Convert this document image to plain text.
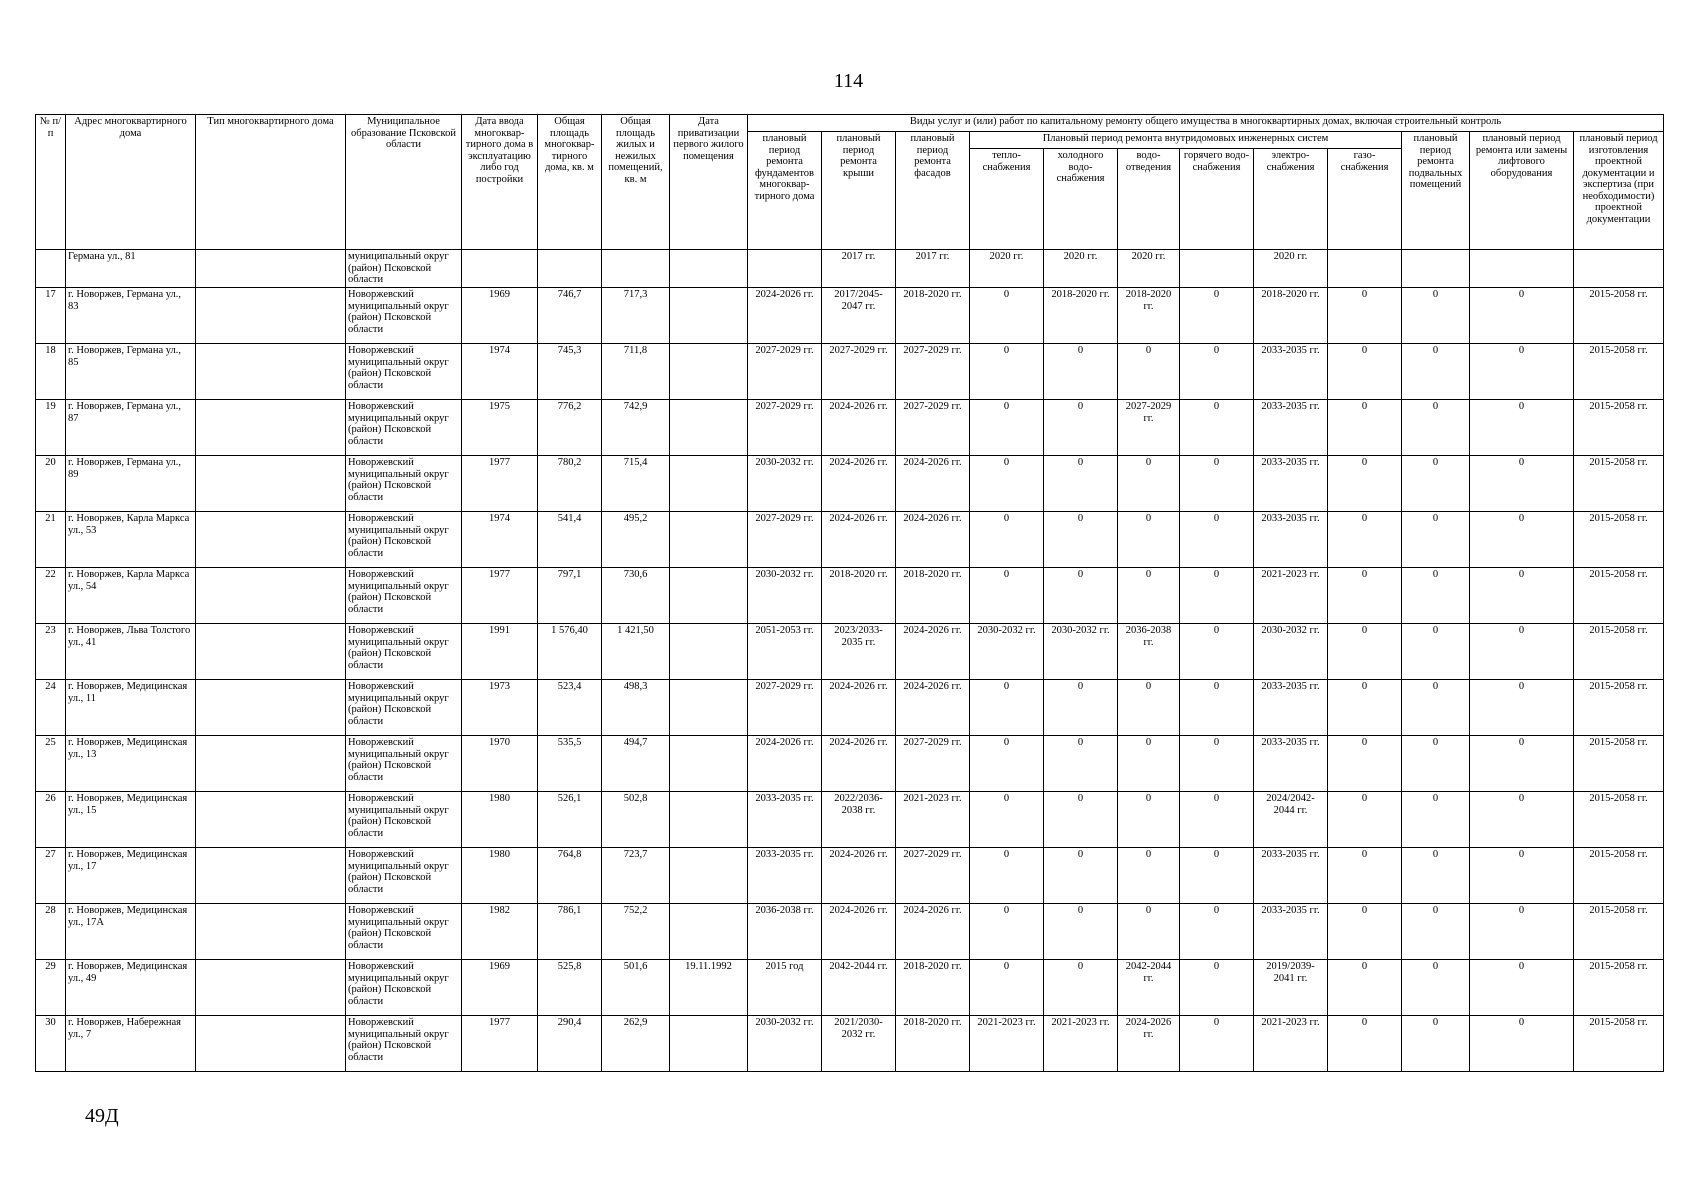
114
№ п/п	Адрес многоквартирного дома	Тип многоквартирного дома	Муниципальное образование Псковской области	Дата ввода многоквар-тирного дома в эксплуатацию либо год постройки	Общая площадь многоквар-тирного дома, кв. м	Общая площадь жилых и нежилых помещений, кв. м	Дата приватизации первого жилого помещения	Виды услуг и (или) работ по капитальному ремонту общего имущества в многоквартирных домах, включая строительный контроль											
								плановый период ремонта фундаментов многоквар-тирного дома	плановый период ремонта крыши	плановый период ремонта фасадов	Плановый период ремонта внутридомовых инженерных систем						плановый период ремонта подвальных помещений	плановый период ремонта или замены лифтового оборудования	плановый период изготовления проектной документации и экспертиза (при необходимости) проектной документации
											тепло-снабжения	холодного водо-снабжения	водо-отведения	горячего водо-снабжения	электро-снабжения	газо-снабжения			
	Германа ул., 81		муниципальный округ (район) Псковской области						2017 гг.	2017 гг.	2020 гг.	2020 гг.	2020 гг.		2020 гг.				
17	г. Новоржев, Германа ул., 83		Новоржевский муниципальный округ (район) Псковской области	1969	746,7	717,3		2024-2026 гг.	2017/2045-2047 гг.	2018-2020 гг.	0	2018-2020 гг.	2018-2020 гг.	0	2018-2020 гг.	0	0	0	2015-2058 гг.
18	г. Новоржев, Германа ул., 85		Новоржевский муниципальный округ (район) Псковской области	1974	745,3	711,8		2027-2029 гг.	2027-2029 гг.	2027-2029 гг.	0	0	0	0	2033-2035 гг.	0	0	0	2015-2058 гг.
19	г. Новоржев, Германа ул., 87		Новоржевский муниципальный округ (район) Псковской области	1975	776,2	742,9		2027-2029 гг.	2024-2026 гг.	2027-2029 гг.	0	0	2027-2029 гг.	0	2033-2035 гг.	0	0	0	2015-2058 гг.
20	г. Новоржев, Германа ул., 89		Новоржевский муниципальный округ (район) Псковской области	1977	780,2	715,4		2030-2032 гг.	2024-2026 гг.	2024-2026 гг.	0	0	0	0	2033-2035 гг.	0	0	0	2015-2058 гг.
21	г. Новоржев, Карла Маркса ул., 53		Новоржевский муниципальный округ (район) Псковской области	1974	541,4	495,2		2027-2029 гг.	2024-2026 гг.	2024-2026 гг.	0	0	0	0	2033-2035 гг.	0	0	0	2015-2058 гг.
22	г. Новоржев, Карла Маркса ул., 54		Новоржевский муниципальный округ (район) Псковской области	1977	797,1	730,6		2030-2032 гг.	2018-2020 гг.	2018-2020 гг.	0	0	0	0	2021-2023 гг.	0	0	0	2015-2058 гг.
23	г. Новоржев, Льва Толстого ул., 41		Новоржевский муниципальный округ (район) Псковской области	1991	1 576,40	1 421,50		2051-2053 гг.	2023/2033-2035 гг.	2024-2026 гг.	2030-2032 гг.	2030-2032 гг.	2036-2038 гг.	0	2030-2032 гг.	0	0	0	2015-2058 гг.
24	г. Новоржев, Медицинская ул., 11		Новоржевский муниципальный округ (район) Псковской области	1973	523,4	498,3		2027-2029 гг.	2024-2026 гг.	2024-2026 гг.	0	0	0	0	2033-2035 гг.	0	0	0	2015-2058 гг.
25	г. Новоржев, Медицинская ул., 13		Новоржевский муниципальный округ (район) Псковской области	1970	535,5	494,7		2024-2026 гг.	2024-2026 гг.	2027-2029 гг.	0	0	0	0	2033-2035 гг.	0	0	0	2015-2058 гг.
26	г. Новоржев, Медицинская ул., 15		Новоржевский муниципальный округ (район) Псковской области	1980	526,1	502,8		2033-2035 гг.	2022/2036-2038 гг.	2021-2023 гг.	0	0	0	0	2024/2042-2044 гг.	0	0	0	2015-2058 гг.
27	г. Новоржев, Медицинская ул., 17		Новоржевский муниципальный округ (район) Псковской области	1980	764,8	723,7		2033-2035 гг.	2024-2026 гг.	2027-2029 гг.	0	0	0	0	2033-2035 гг.	0	0	0	2015-2058 гг.
28	г. Новоржев, Медицинская ул., 17А		Новоржевский муниципальный округ (район) Псковской области	1982	786,1	752,2		2036-2038 гг.	2024-2026 гг.	2024-2026 гг.	0	0	0	0	2033-2035 гг.	0	0	0	2015-2058 гг.
29	г. Новоржев, Медицинская ул., 49		Новоржевский муниципальный округ (район) Псковской области	1969	525,8	501,6	19.11.1992	2015 год	2042-2044 гг.	2018-2020 гг.	0	0	2042-2044 гг.	0	2019/2039-2041 гг.	0	0	0	2015-2058 гг.
30	г. Новоржев, Набережная ул., 7		Новоржевский муниципальный округ (район) Псковской области	1977	290,4	262,9		2030-2032 гг.	2021/2030-2032 гг.	2018-2020 гг.	2021-2023 гг.	2021-2023 гг.	2024-2026 гг.	0	2021-2023 гг.	0	0	0	2015-2058 гг.
49Д
